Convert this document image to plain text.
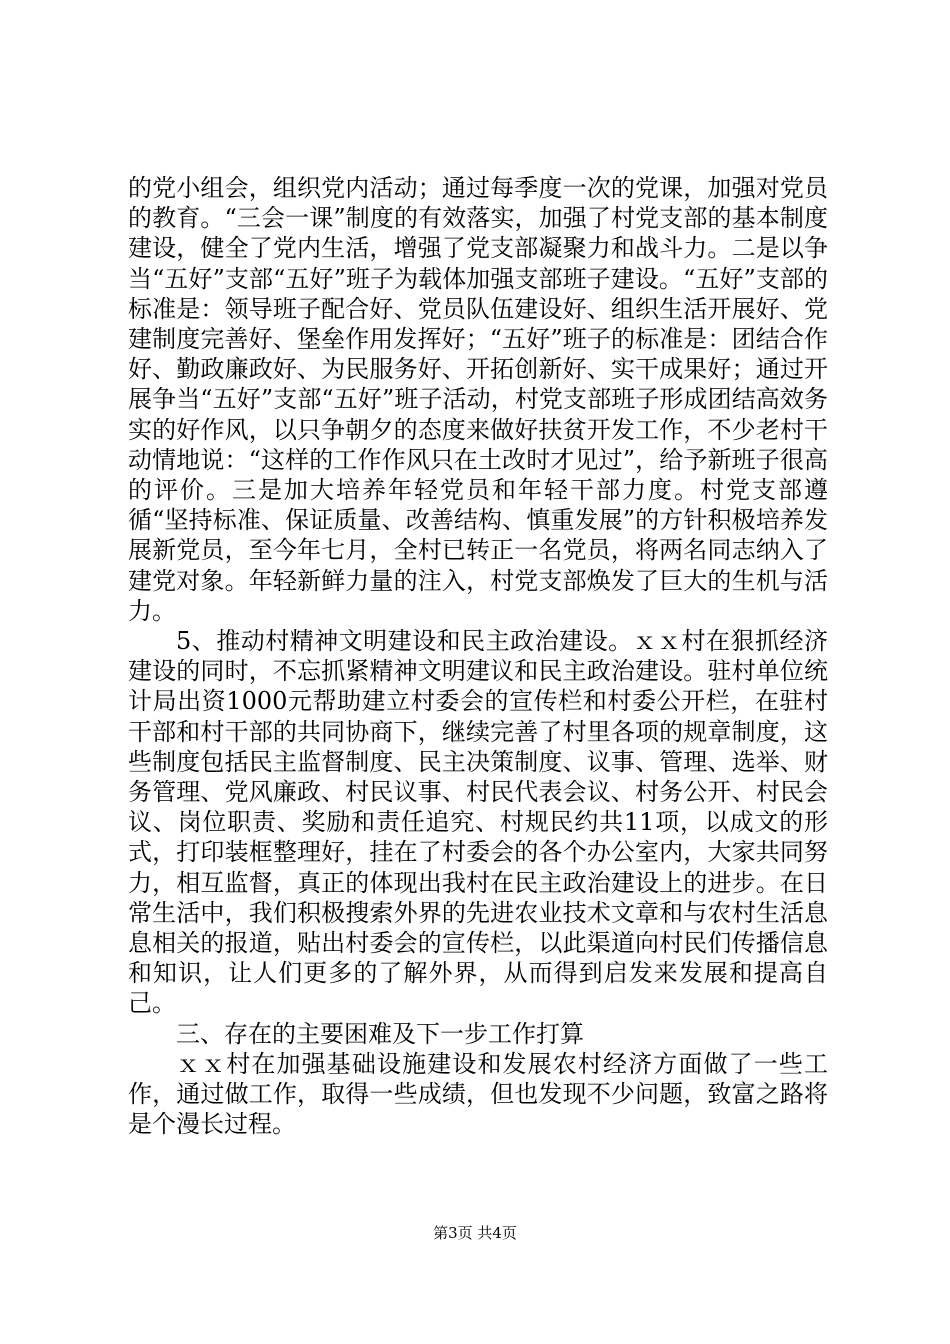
的党小组会，组织党内活动；通过每季度一次的党课，加强对党员的教育。“三会一课”制度的有效落实，加强了村党支部的基本制度建设，健全了党内生活，增强了党支部凝聚力和战斗力。二是以争当“五好”支部“五好”班子为载体加强支部班子建设。“五好”支部的标准是：领导班子配合好、党员队伍建设好、组织生活开展好、党建制度完善好、堡垒作用发挥好；“五好”班子的标准是：团结合作好、勤政廉政好、为民服务好、开拓创新好、实干成果好；通过开展争当“五好”支部“五好”班子活动，村党支部班子形成团结高效务实的好作风，以只争朝夕的态度来做好扶贫开发工作，不少老村干动情地说：“这样的工作作风只在土改时才见过”，给予新班子很高的评价。三是加大培养年轻党员和年轻干部力度。村党支部遵循“坚持标准、保证质量、改善结构、慎重发展”的方针积极培养发展新党员，至今年七月，全村已转正一名党员，将两名同志纳入了建党对象。年轻新鲜力量的注入，村党支部焕发了巨大的生机与活力。

5、推动村精神文明建设和民主政治建设。ｘｘ村在狠抓经济建设的同时，不忘抓紧精神文明建议和民主政治建设。驻村单位统计局出资1000元帮助建立村委会的宣传栏和村委公开栏，在驻村干部和村干部的共同协商下，继续完善了村里各项的规章制度，这些制度包括民主监督制度、民主决策制度、议事、管理、选举、财务管理、党风廉政、村民议事、村民代表会议、村务公开、村民会议、岗位职责、奖励和责任追究、村规民约共11项，以成文的形式，打印装框整理好，挂在了村委会的各个办公室内，大家共同努力，相互监督，真正的体现出我村在民主政治建设上的进步。在日常生活中，我们积极搜索外界的先进农业技术文章和与农村生活息息相关的报道，贴出村委会的宣传栏，以此渠道向村民们传播信息和知识，让人们更多的了解外界，从而得到启发来发展和提高自己。

三、存在的主要困难及下一步工作打算

ｘｘ村在加强基础设施建设和发展农村经济方面做了一些工作，通过做工作，取得一些成绩，但也发现不少问题，致富之路将是个漫长过程。

第3页 共4页
